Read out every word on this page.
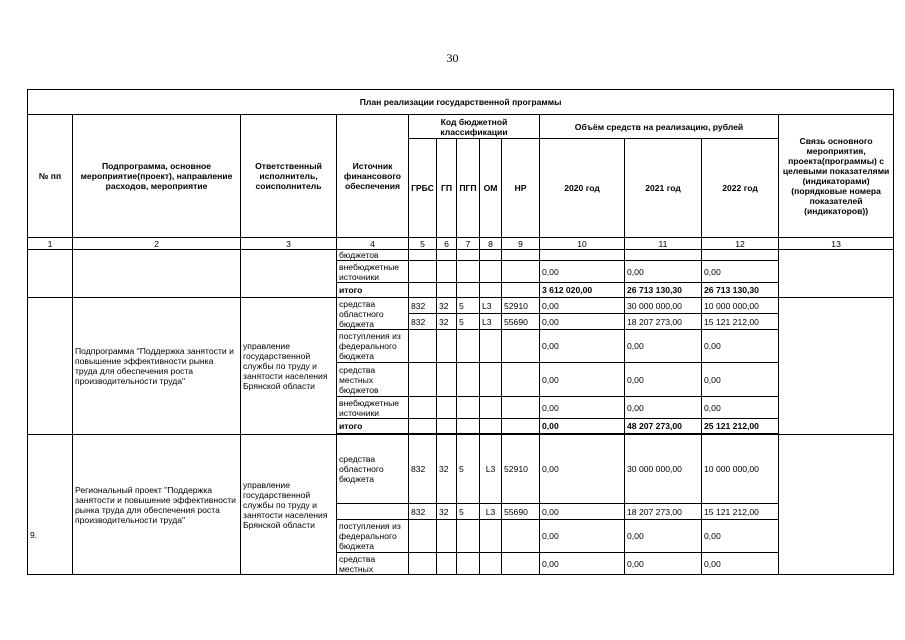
30
План реализации государственной программы												
№ пп	Подпрограмма, основное мероприятие(проект), направление расходов, мероприятие	Ответственный исполнитель, соисполнитель	Источник финансового обеспечения	Код бюджетной классификации					Объём средств на реализацию, рублей			Связь основного мероприятия, проекта(программы) с целевыми показателями (индикаторами) (порядковые номера показателей (индикаторов))
				ГРБС	ГП	ПГП	ОМ	НР	2020 год	2021 год	2022 год	
1	2	3	4	5	6	7	8	9	10	11	12	13
			бюджетов									
			внебюджетные источники						0,00	0,00	0,00	
			итого						3 612 020,00	26 713 130,30	26 713 130,30	
	Подпрограмма "Поддержка занятости и повышение эффективности рынка труда для обеспечения роста производительности труда"	управление государственной службы по труду и занятости населения Брянской области	средства областного бюджета	832	32	5	L3	52910	0,00	30 000 000,00	10 000 000,00	
				832	32	5	L3	55690	0,00	18 207 273,00	15 121 212,00	
			поступления из федерального бюджета						0,00	0,00	0,00	
			средства местных бюджетов						0,00	0,00	0,00	
			внебюджетные источники						0,00	0,00	0,00	
			итого						0,00	48 207 273,00	25 121 212,00	

9.	Региональный проект "Поддержка занятости и повышение эффективности рынка труда для обеспечения роста производительности труда"	управление государственной службы по труду и занятости населения Брянской области	средства областного бюджета	832	32	5	L3	52910	0,00	30 000 000,00	10 000 000,00	
				832	32	5	L3	55690	0,00	18 207 273,00	15 121 212,00	
			поступления из федерального бюджета						0,00	0,00	0,00	
			средства местных						0,00	0,00	0,00	
